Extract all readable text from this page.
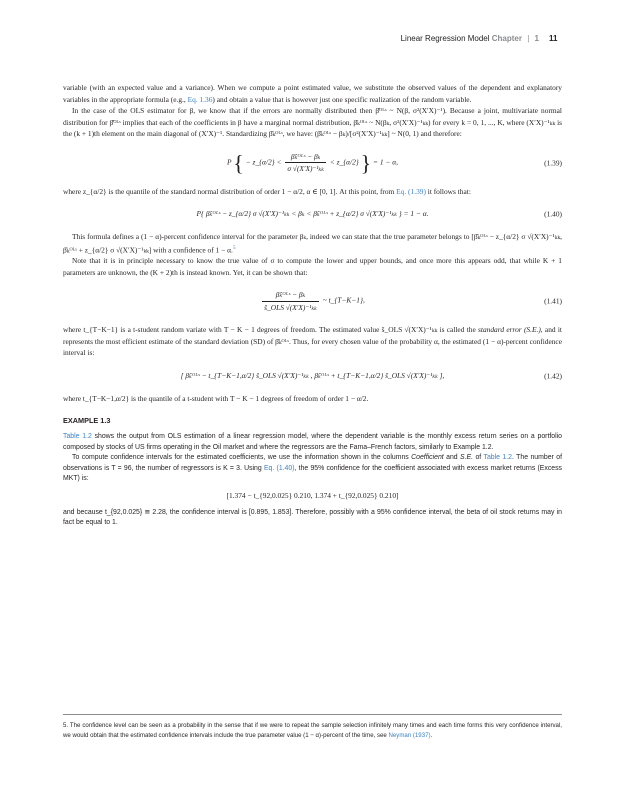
Linear Regression Model Chapter | 1 11

variable (with an expected value and a variance). When we compute a point estimated value, we substitute the observed values of the dependent and explanatory variables in the appropriate formula (e.g., Eq. 1.36) and obtain a value that is however just one specific realization of the random variable.

In the case of the OLS estimator for β, we know that if the errors are normally distributed then β̂ᴼᴸˢ ~ N(β, σ²(X′X)⁻¹). Because a joint, multivariate normal distribution for β̂ᴼᴸˢ implies that each of the coefficients in β have a marginal normal distribution, β̂ₖᴼᴸˢ ~ N(βₖ, σ²(X′X)⁻¹ₖₖ) for every k = 0, 1, ..., K, where (X′X)⁻¹ₖₖ is the (k + 1)th element on the main diagonal of (X′X)⁻¹. Standardizing β̂ₖᴼᴸˢ, we have: (β̂ₖᴼᴸˢ − βₖ)/[σ²(X′X)⁻¹ₖₖ] ~ N(0, 1) and therefore:

P { − z_{α/2} < $\frac{\text{β̂ₖᴼᴸˢ − βₖ}}{\text{σ √(X′X)⁻¹ₖₖ}}$ < z_{α/2} } = 1 − α,	(1.39)

where z_{α/2} is the quantile of the standard normal distribution of order 1 − α/2, α ∈ [0, 1]. At this point, from Eq. (1.39) it follows that:

P{ β̂ₖᴼᴸˢ − z_{α/2} σ √(X′X)⁻¹ₖₖ < βₖ < β̂ₖᴼᴸˢ + z_{α/2} σ √(X′X)⁻¹ₖₖ } = 1 − α.	(1.40)

This formula defines a (1 − α)-percent confidence interval for the parameter βₖ, indeed we can state that the true parameter belongs to [β̂ₖᴼᴸˢ − z_{α/2} σ √(X′X)⁻¹ₖₖ, β̂ₖᴼᴸˢ + z_{α/2} σ √(X′X)⁻¹ₖₖ] with a confidence of 1 − α.$^5$

Note that it is in principle necessary to know the true value of σ to compute the lower and upper bounds, and once more this appears odd, that while K + 1 parameters are unknown, the (K + 2)th is instead known. Yet, it can be shown that:

$\frac{\text{β̂ₖᴼᴸˢ − βₖ}}{\text{ŝ\_OLS √(X′X)⁻¹ₖₖ}}$ ~ t_{T−K−1},	(1.41)

where t_{T−K−1} is a t-student random variate with T − K − 1 degrees of freedom. The estimated value ŝ_OLS √(X′X)⁻¹ₖₖ is called the standard error (S.E.), and it represents the most efficient estimate of the standard deviation (SD) of β̂ₖᴼᴸˢ. Thus, for every chosen value of the probability α, the estimated (1 − α)-percent confidence interval is:

[ β̂ₖᴼᴸˢ − t_{T−K−1,α/2} ŝ_OLS √(X′X)⁻¹ₖₖ , β̂ₖᴼᴸˢ + t_{T−K−1,α/2} ŝ_OLS √(X′X)⁻¹ₖₖ ],	(1.42)

where t_{T−K−1,α/2} is the quantile of a t-student with T − K − 1 degrees of freedom of order 1 − α/2.

EXAMPLE 1.3

Table 1.2 shows the output from OLS estimation of a linear regression model, where the dependent variable is the monthly excess return series on a portfolio composed by stocks of US firms operating in the Oil market and where the regressors are the Fama–French factors, similarly to Example 1.2.

To compute confidence intervals for the estimated coefficients, we use the information shown in the columns Coefficient and S.E. of Table 1.2. The number of observations is T = 96, the number of regressors is K = 3. Using Eq. (1.40), the 95% confidence for the coefficient associated with excess market returns (Excess MKT) is:

[1.374 − t_{92,0.025} 0.210, 1.374 + t_{92,0.025} 0.210]

and because t_{92,0.025} ≅ 2.28, the confidence interval is [0.895, 1.853]. Therefore, possibly with a 95% confidence interval, the beta of oil stock returns may in fact be equal to 1.

5. The confidence level can be seen as a probability in the sense that if we were to repeat the sample selection infinitely many times and each time forms this very confidence interval, we would obtain that the estimated confidence intervals include the true parameter value (1 − α)-percent of the time, see Neyman (1937).
